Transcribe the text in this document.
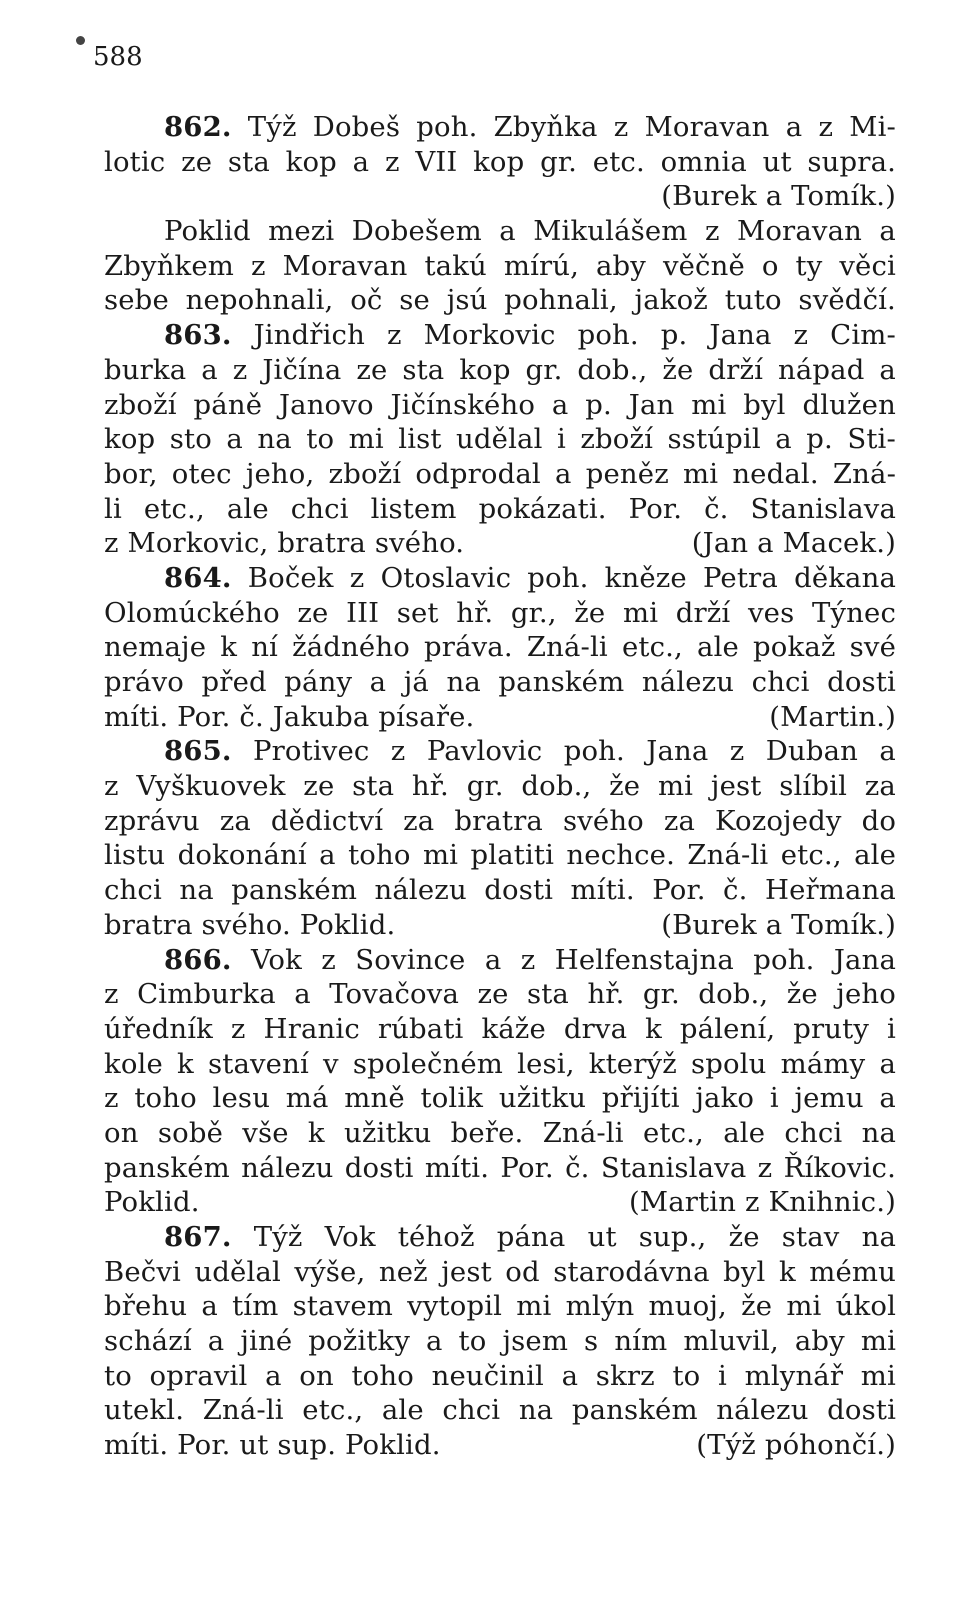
588

862. Týž Dobeš poh. Zbyňka z Moravan a z Mi-
lotic ze sta kop a z VII kop gr. etc. omnia ut supra.
(Burek a Tomík.)
Poklid mezi Dobešem a Mikulášem z Moravan a
Zbyňkem z Moravan takú mírú, aby věčně o ty věci
sebe nepohnali, oč se jsú pohnali, jakož tuto svědčí.
863. Jindřich z Morkovic poh. p. Jana z Cim-
burka a z Jičína ze sta kop gr. dob., že drží nápad a
zboží páně Janovo Jičínského a p. Jan mi byl dlužen
kop sto a na to mi list udělal i zboží sstúpil a p. Sti-
bor, otec jeho, zboží odprodal a peněz mi nedal. Zná-
li etc., ale chci listem pokázati. Por. č. Stanislava
z Morkovic, bratra svého.	(Jan a Macek.)
864. Boček z Otoslavic poh. kněze Petra děkana
Olomúckého ze III set hř. gr., že mi drží ves Týnec
nemaje k ní žádného práva. Zná-li etc., ale pokaž své
právo před pány a já na panském nálezu chci dosti
míti. Por. č. Jakuba písaře.	(Martin.)
865. Protivec z Pavlovic poh. Jana z Duban a
z Vyškuovek ze sta hř. gr. dob., že mi jest slíbil za
zprávu za dědictví za bratra svého za Kozojedy do
listu dokonání a toho mi platiti nechce. Zná-li etc., ale
chci na panském nálezu dosti míti. Por. č. Heřmana
bratra svého. Poklid.	(Burek a Tomík.)
866. Vok z Sovince a z Helfenstajna poh. Jana
z Cimburka a Tovačova ze sta hř. gr. dob., že jeho
úředník z Hranic rúbati káže drva k pálení, pruty i
kole k stavení v společném lesi, kterýž spolu mámy a
z toho lesu má mně tolik užitku přijíti jako i jemu a
on sobě vše k užitku beře. Zná-li etc., ale chci na
panském nálezu dosti míti. Por. č. Stanislava z Říkovic.
Poklid.	(Martin z Knihnic.)
867. Týž Vok téhož pána ut sup., že stav na
Bečvi udělal výše, než jest od starodávna byl k mému
břehu a tím stavem vytopil mi mlýn muoj, že mi úkol
schází a jiné požitky a to jsem s ním mluvil, aby mi
to opravil a on toho neučinil a skrz to i mlynář mi
utekl. Zná-li etc., ale chci na panském nálezu dosti
míti. Por. ut sup. Poklid.	(Týž póhončí.)
